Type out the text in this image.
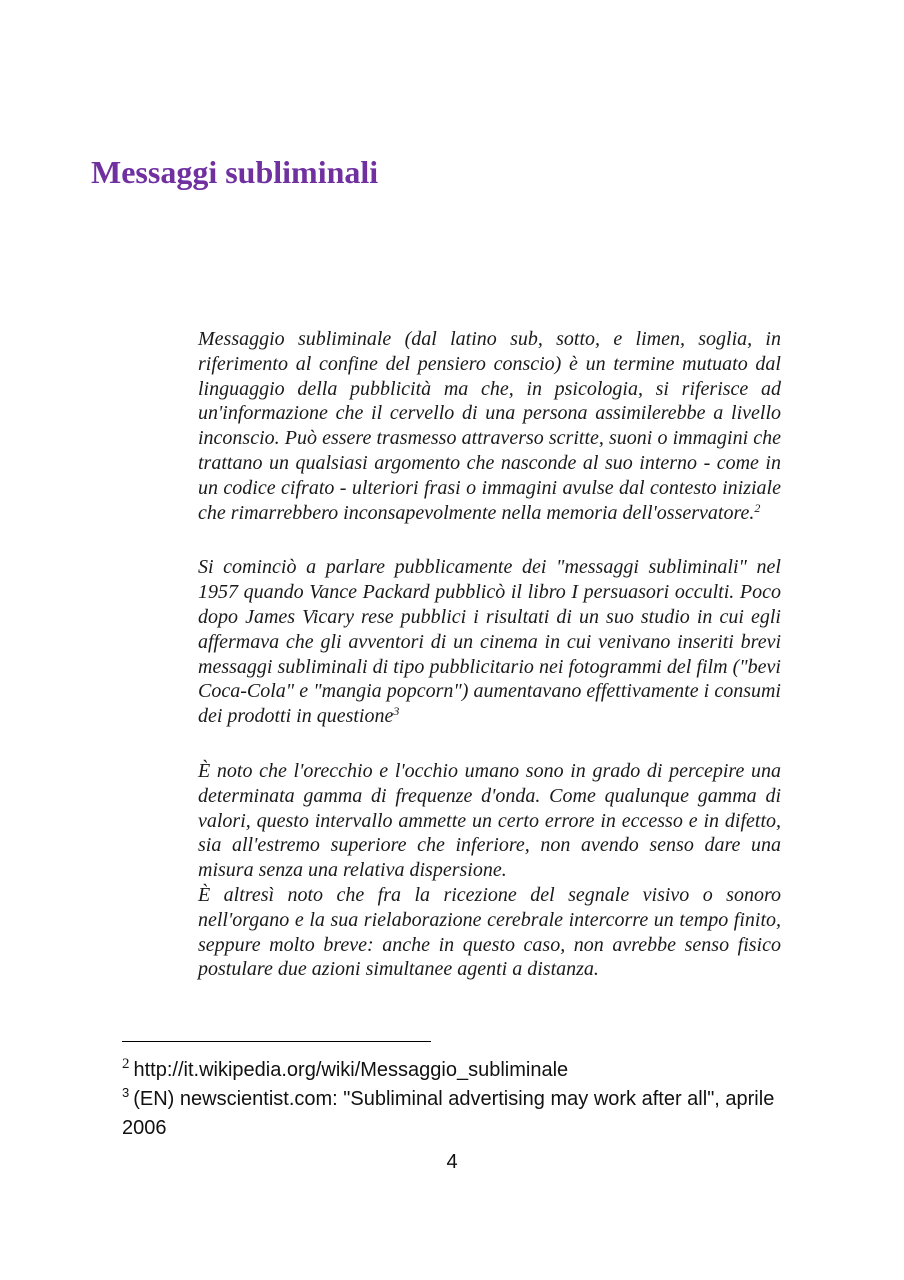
Messaggi subliminali

Messaggio subliminale (dal latino sub, sotto, e limen, soglia, in riferimento al confine del pensiero conscio) è un termine mutuato dal linguaggio della pubblicità ma che, in psicologia, si riferisce ad un'informazione che il cervello di una persona assimilerebbe a livello inconscio. Può essere trasmesso attraverso scritte, suoni o immagini che trattano un qualsiasi argomento che nasconde al suo interno - come in un codice cifrato - ulteriori frasi o immagini avulse dal contesto iniziale che rimarrebbero inconsapevolmente nella memoria dell'osservatore.$^2$

Si cominciò a parlare pubblicamente dei "messaggi subliminali" nel 1957 quando Vance Packard pubblicò il libro I persuasori occulti. Poco dopo James Vicary rese pubblici i risultati di un suo studio in cui egli affermava che gli avventori di un cinema in cui venivano inseriti brevi messaggi subliminali di tipo pubblicitario nei fotogrammi del film ("bevi Coca-Cola" e "mangia popcorn") aumentavano effettivamente i consumi dei prodotti in questione$^3$

È noto che l'orecchio e l'occhio umano sono in grado di percepire una determinata gamma di frequenze d'onda. Come qualunque gamma di valori, questo intervallo ammette un certo errore in eccesso e in difetto, sia all'estremo superiore che inferiore, non avendo senso dare una misura senza una relativa dispersione.

È altresì noto che fra la ricezione del segnale visivo o sonoro nell'organo e la sua rielaborazione cerebrale intercorre un tempo finito, seppure molto breve: anche in questo caso, non avrebbe senso fisico postulare due azioni simultanee agenti a distanza.

$^2$ http://it.wikipedia.org/wiki/Messaggio_subliminale

$^3$ (EN) newscientist.com: "Subliminal advertising may work after all", aprile 2006

4
